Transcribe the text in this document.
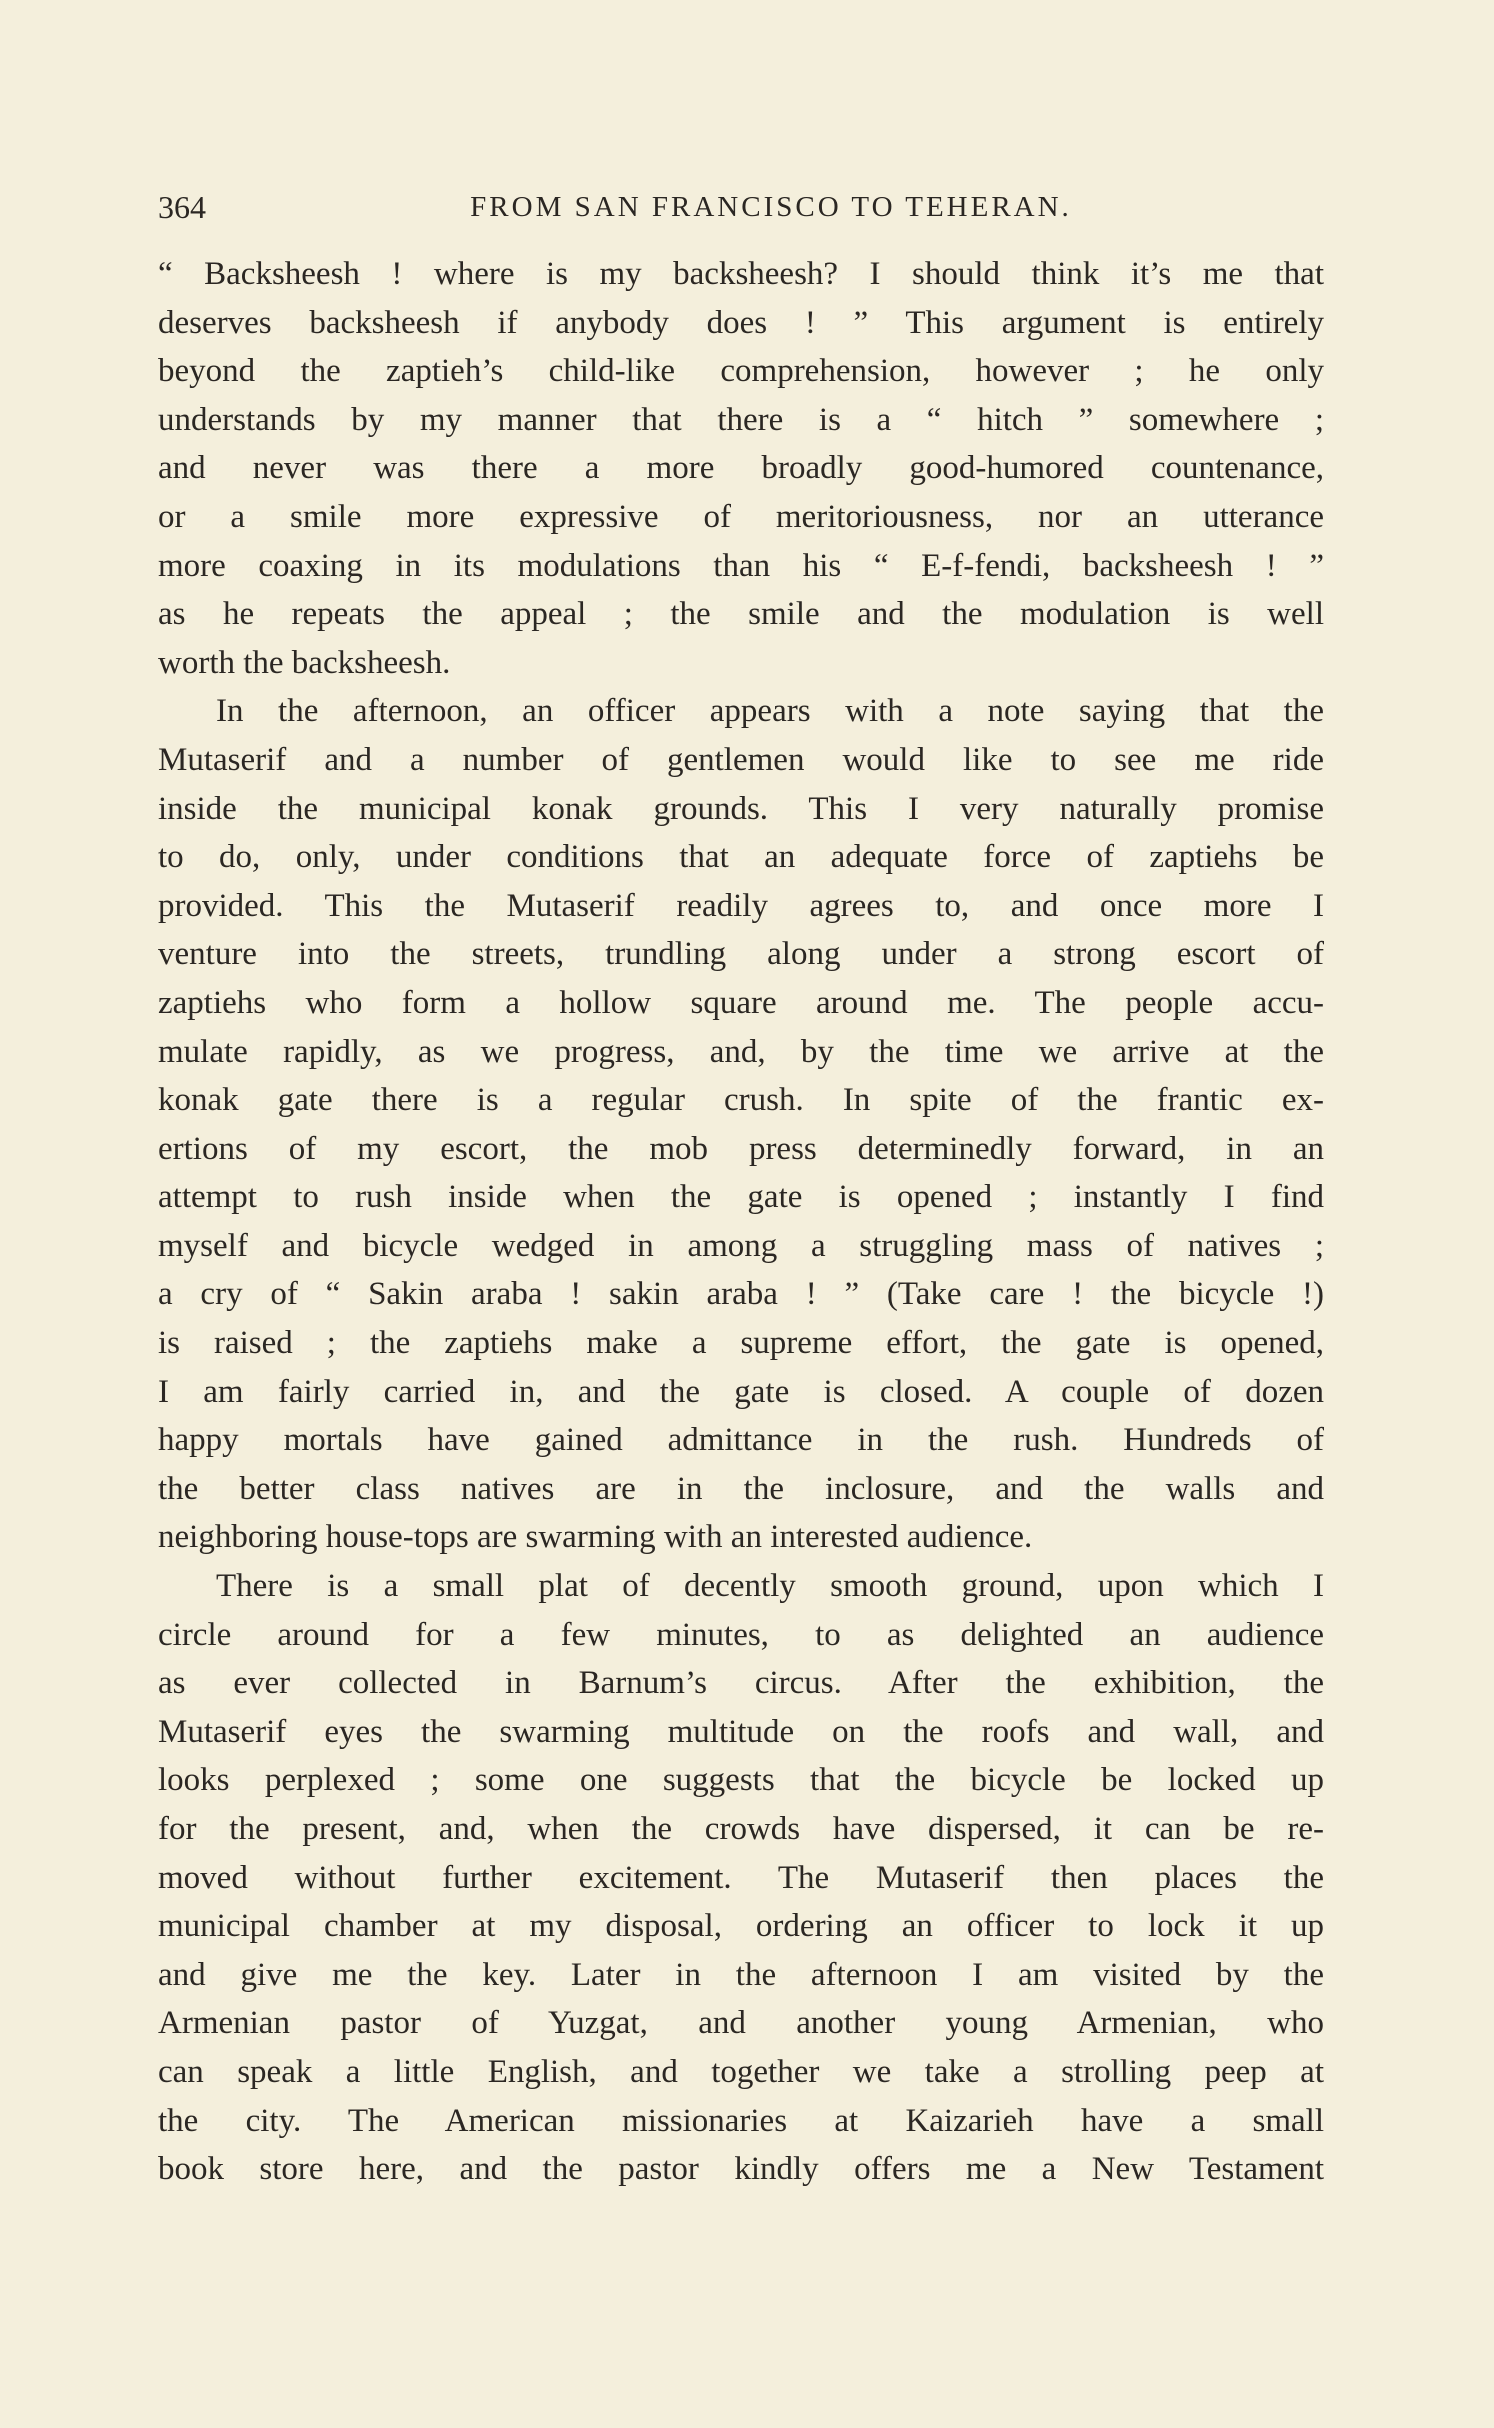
364	FROM SAN FRANCISCO TO TEHERAN.
“ Backsheesh ! where is my backsheesh? I should think it’s me that
deserves backsheesh if anybody does ! ” This argument is entirely
beyond the zaptieh’s child-like comprehension, however ; he only
understands by my manner that there is a “ hitch ” somewhere ;
and never was there a more broadly good-humored countenance,
or a smile more expressive of meritoriousness, nor an utterance
more coaxing in its modulations than his “ E-f-fendi, backsheesh ! ”
as he repeats the appeal ; the smile and the modulation is well
worth the backsheesh.
In the afternoon, an officer appears with a note saying that the
Mutaserif and a number of gentlemen would like to see me ride
inside the municipal konak grounds. This I very naturally promise
to do, only, under conditions that an adequate force of zaptiehs be
provided. This the Mutaserif readily agrees to, and once more I
venture into the streets, trundling along under a strong escort of
zaptiehs who form a hollow square around me. The people accu-
mulate rapidly, as we progress, and, by the time we arrive at the
konak gate there is a regular crush. In spite of the frantic ex-
ertions of my escort, the mob press determinedly forward, in an
attempt to rush inside when the gate is opened ; instantly I find
myself and bicycle wedged in among a struggling mass of natives ;
a cry of “ Sakin araba ! sakin araba ! ” (Take care ! the bicycle !)
is raised ; the zaptiehs make a supreme effort, the gate is opened,
I am fairly carried in, and the gate is closed. A couple of dozen
happy mortals have gained admittance in the rush. Hundreds of
the better class natives are in the inclosure, and the walls and
neighboring house-tops are swarming with an interested audience.
There is a small plat of decently smooth ground, upon which I
circle around for a few minutes, to as delighted an audience
as ever collected in Barnum’s circus. After the exhibition, the
Mutaserif eyes the swarming multitude on the roofs and wall, and
looks perplexed ; some one suggests that the bicycle be locked up
for the present, and, when the crowds have dispersed, it can be re-
moved without further excitement. The Mutaserif then places the
municipal chamber at my disposal, ordering an officer to lock it up
and give me the key. Later in the afternoon I am visited by the
Armenian pastor of Yuzgat, and another young Armenian, who
can speak a little English, and together we take a strolling peep at
the city. The American missionaries at Kaizarieh have a small
book store here, and the pastor kindly offers me a New Testament
